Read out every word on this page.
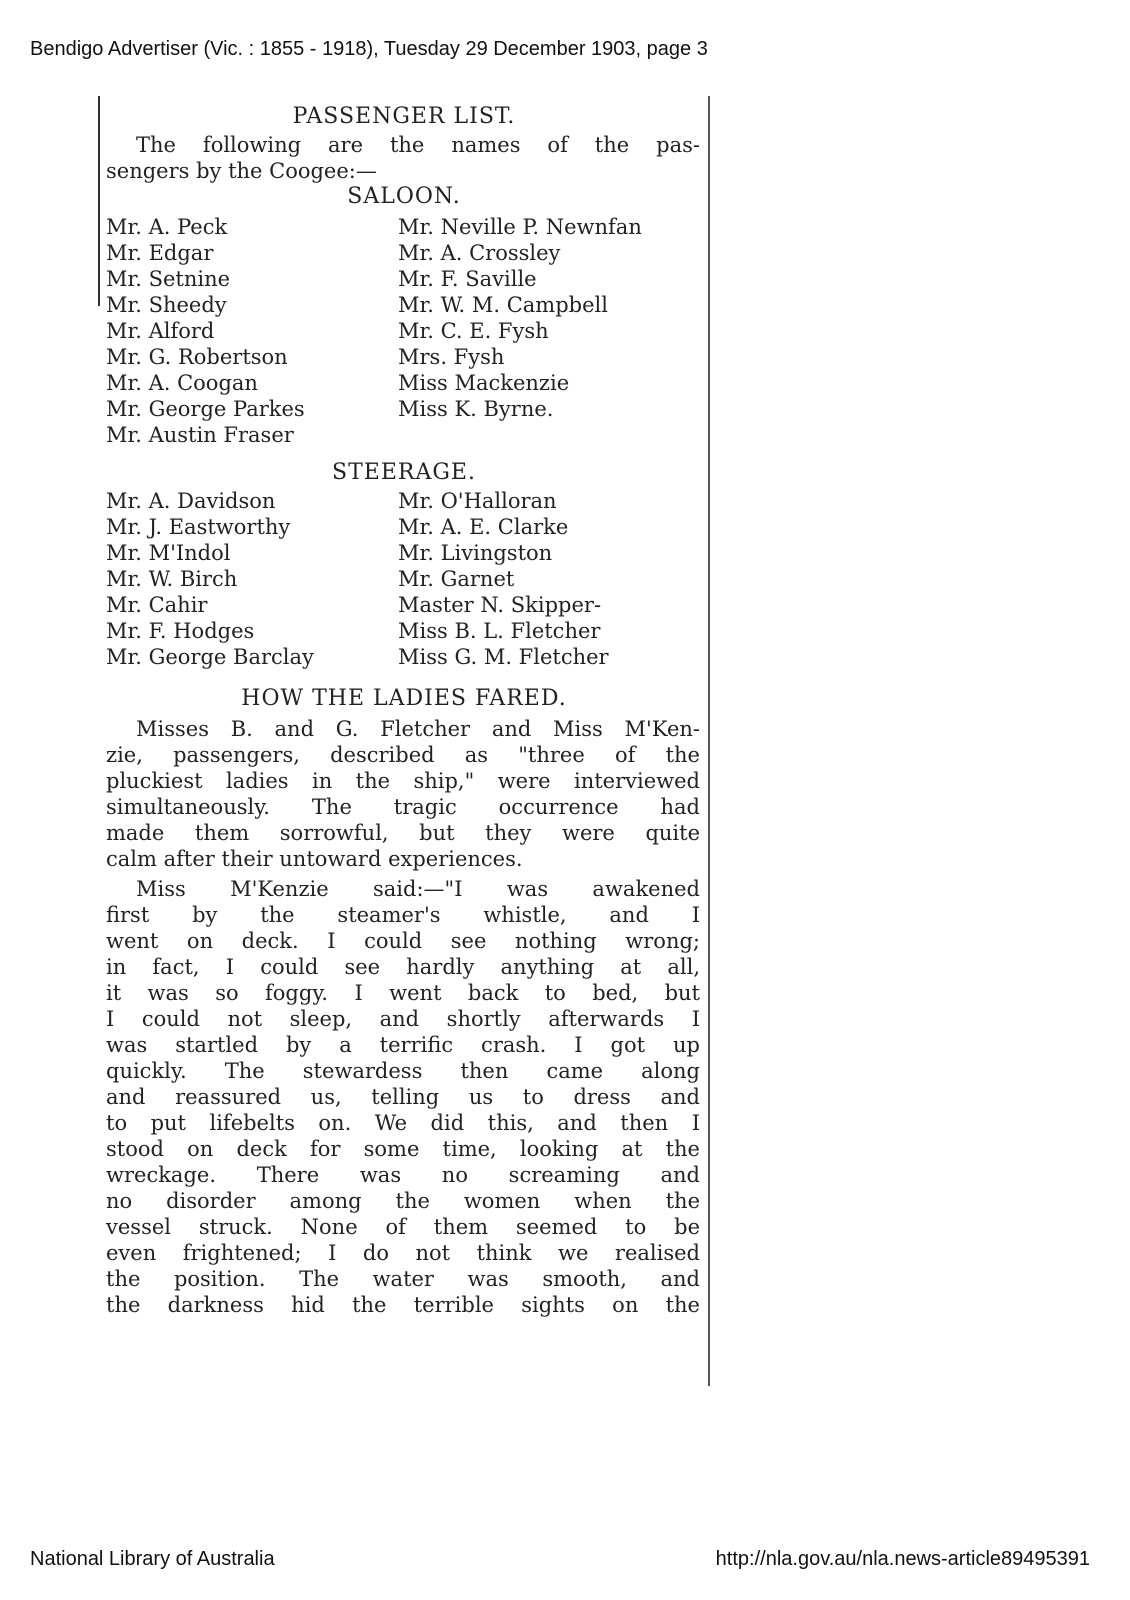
Bendigo Advertiser (Vic. : 1855 - 1918), Tuesday 29 December 1903, page 3
PASSENGER LIST.
The following are the names of the pas-
sengers by the Coogee:—
SALOON.
Mr. A. Peck	Mr. Neville P. Newnfan
Mr. Edgar	Mr. A. Crossley
Mr. Setnine	Mr. F. Saville
Mr. Sheedy	Mr. W. M. Campbell
Mr. Alford	Mr. C. E. Fysh
Mr. G. Robertson	Mrs. Fysh
Mr. A. Coogan	Miss Mackenzie
Mr. George Parkes	Miss K. Byrne.
Mr. Austin Fraser
STEERAGE.
Mr. A. Davidson	Mr. O'Halloran
Mr. J. Eastworthy	Mr. A. E. Clarke
Mr. M'Indol	Mr. Livingston
Mr. W. Birch	Mr. Garnet
Mr. Cahir	Master N. Skipper-
Mr. F. Hodges	Miss B. L. Fletcher
Mr. George Barclay	Miss G. M. Fletcher
HOW THE LADIES FARED.
Misses B. and G. Fletcher and Miss M'Ken-
zie, passengers, described as "three of the
pluckiest ladies in the ship," were interviewed
simultaneously. The tragic occurrence had
made them sorrowful, but they were quite
calm after their untoward experiences.
Miss M'Kenzie said:—"I was awakened
first by the steamer's whistle, and I
went on deck. I could see nothing wrong;
in fact, I could see hardly anything at all,
it was so foggy. I went back to bed, but
I could not sleep, and shortly afterwards I
was startled by a terrific crash. I got up
quickly. The stewardess then came along
and reassured us, telling us to dress and
to put lifebelts on. We did this, and then I
stood on deck for some time, looking at the
wreckage. There was no screaming and
no disorder among the women when the
vessel struck. None of them seemed to be
even frightened; I do not think we realised
the position. The water was smooth, and
the darkness hid the terrible sights on the
National Library of Australia	http://nla.gov.au/nla.news-article89495391
